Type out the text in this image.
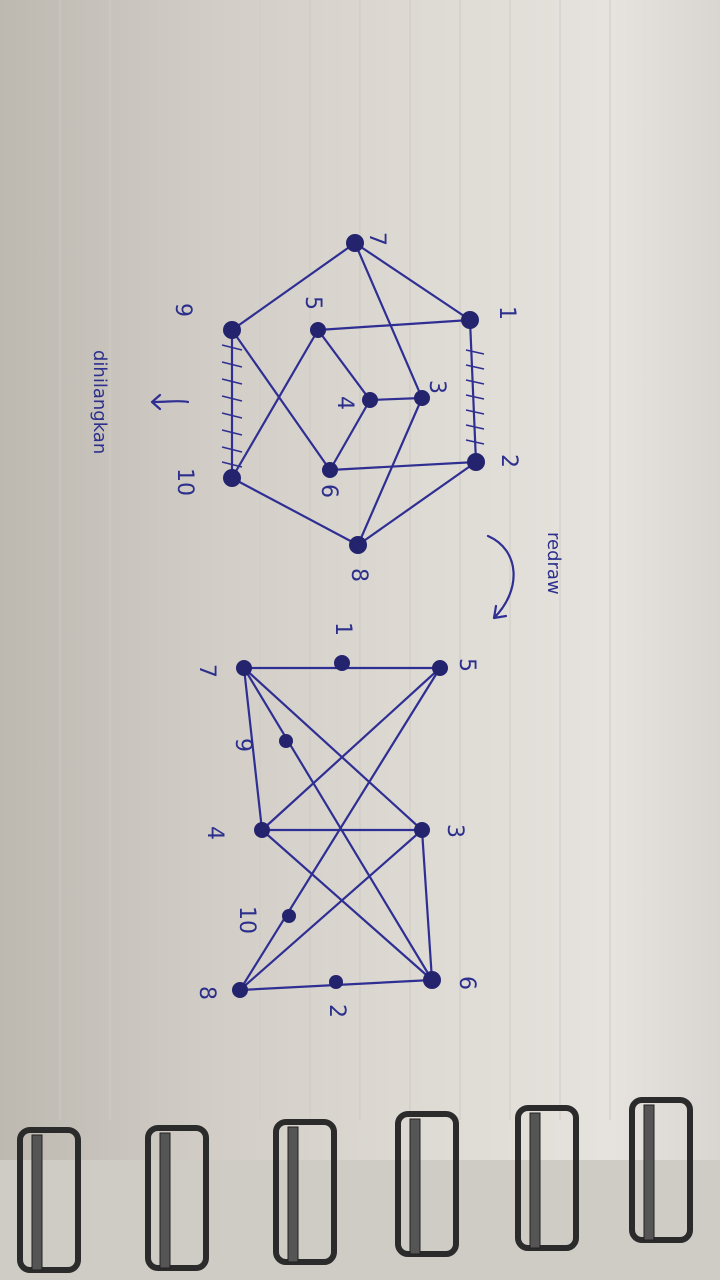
7
1
9	5
4
3
6
2
10
8
dihilangkan
redraw
1
7	5
9
4	3
10
8
2
6
